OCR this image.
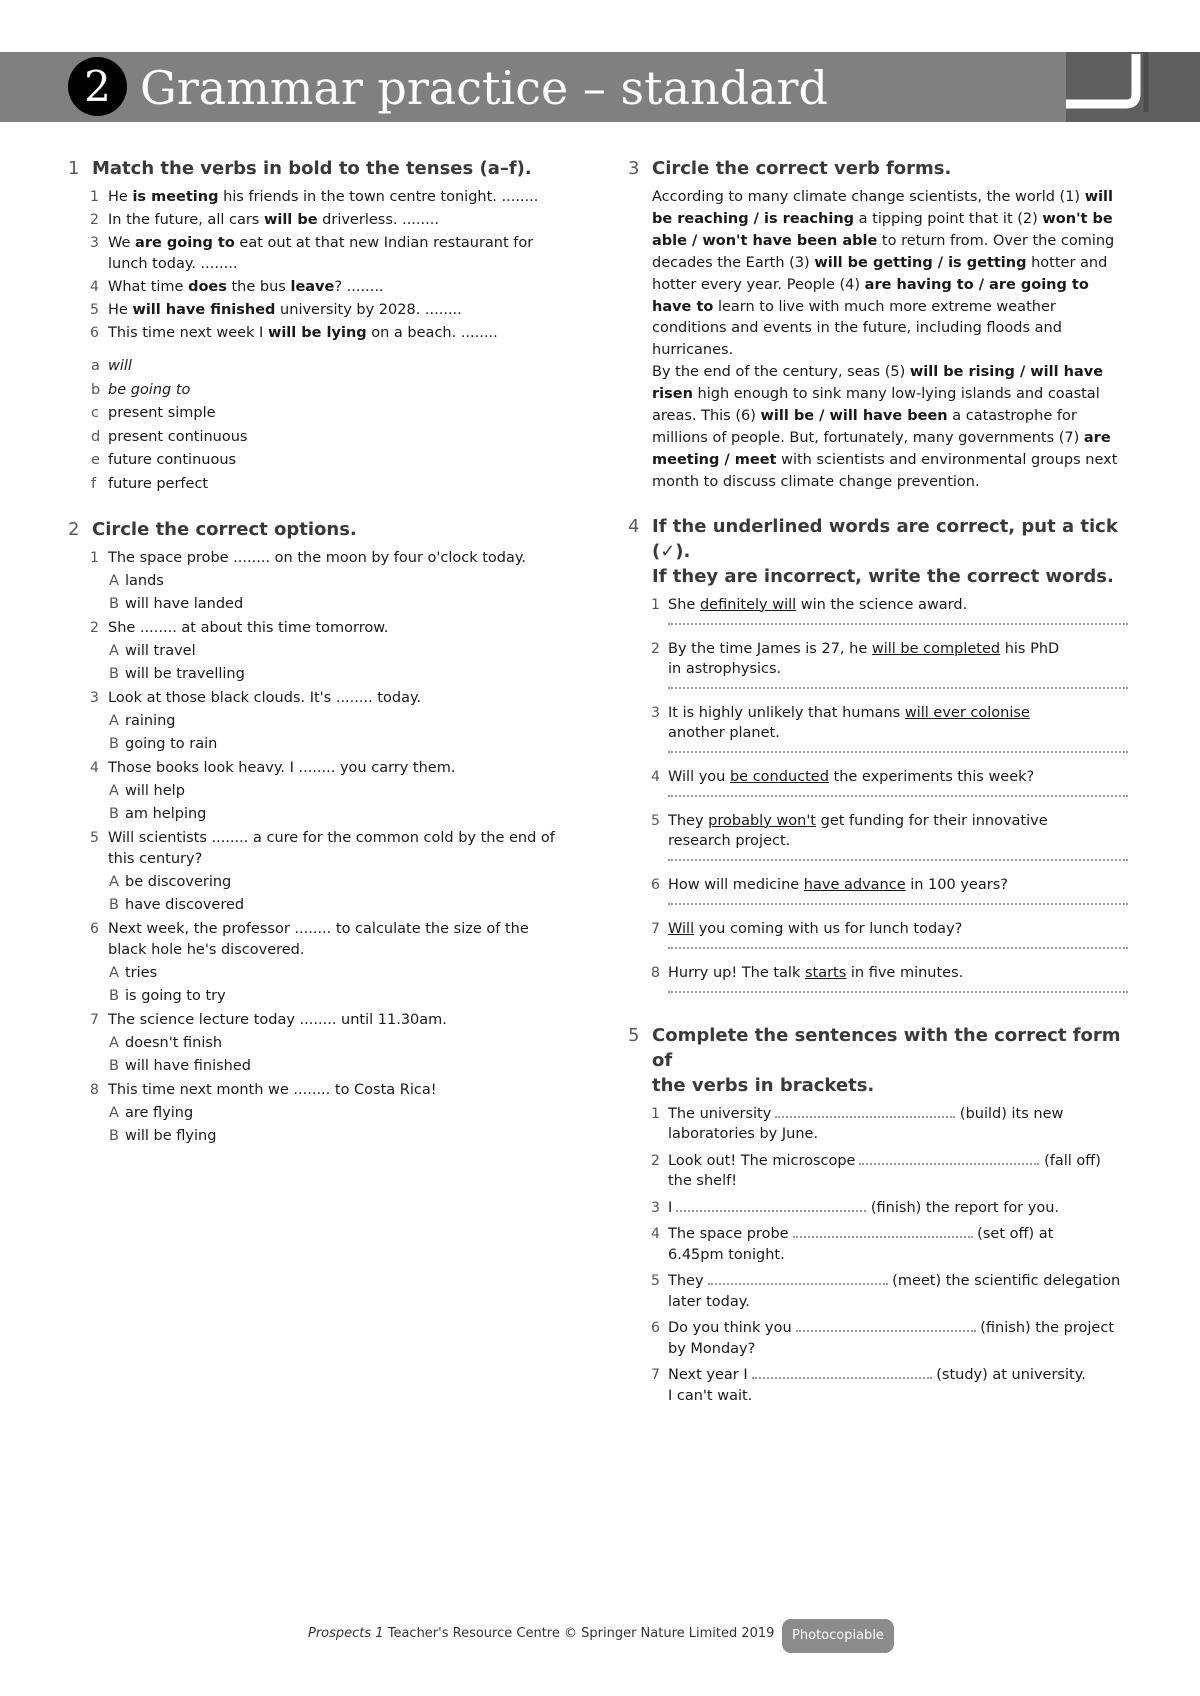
2 Grammar practice – standard
1 Match the verbs in bold to the tenses (a–f).
1 He is meeting his friends in the town centre tonight. ........
2 In the future, all cars will be driverless. ........
3 We are going to eat out at that new Indian restaurant for lunch today. ........
4 What time does the bus leave? ........
5 He will have finished university by 2028. ........
6 This time next week I will be lying on a beach. ........
a will
b be going to
c present simple
d present continuous
e future continuous
f future perfect
2 Circle the correct options.
1 The space probe ........ on the moon by four o'clock today.
A lands
B will have landed
2 She ........ at about this time tomorrow.
A will travel
B will be travelling
3 Look at those black clouds. It's ........ today.
A raining
B going to rain
4 Those books look heavy. I ........ you carry them.
A will help
B am helping
5 Will scientists ........ a cure for the common cold by the end of this century?
A be discovering
B have discovered
6 Next week, the professor ........ to calculate the size of the black hole he's discovered.
A tries
B is going to try
7 The science lecture today ........ until 11.30am.
A doesn't finish
B will have finished
8 This time next month we ........ to Costa Rica!
A are flying
B will be flying
3 Circle the correct verb forms.

According to many climate change scientists, the world (1) will be reaching / is reaching a tipping point that it (2) won't be able / won't have been able to return from. Over the coming decades the Earth (3) will be getting / is getting hotter and hotter every year. People (4) are having to / are going to have to learn to live with much more extreme weather conditions and events in the future, including floods and hurricanes.
By the end of the century, seas (5) will be rising / will have risen high enough to sink many low-lying islands and coastal areas. This (6) will be / will have been a catastrophe for millions of people. But, fortunately, many governments (7) are meeting / meet with scientists and environmental groups next month to discuss climate change prevention.

4 If the underlined words are correct, put a tick (✓).
If they are incorrect, write the correct words.
1 She definitely will win the science award.
2 By the time James is 27, he will be completed his PhD
in astrophysics.
3 It is highly unlikely that humans will ever colonise
another planet.
4 Will you be conducted the experiments this week?
5 They probably won't get funding for their innovative
research project.
6 How will medicine have advance in 100 years?
7 Will you coming with us for lunch today?
8 Hurry up! The talk starts in five minutes.
5 Complete the sentences with the correct form of
the verbs in brackets.
1 The university	(build) its new
laboratories by June.
2 Look out! The microscope	(fall off)
the shelf!
3 I	(finish) the report for you.
4 The space probe	(set off) at
6.45pm tonight.
5 They	(meet) the scientific delegation
later today.
6 Do you think you	(finish) the project
by Monday?
7 Next year I	(study) at university.
I can't wait.
Prospects 1 Teacher's Resource Centre © Springer Nature Limited 2019	Photocopiable
